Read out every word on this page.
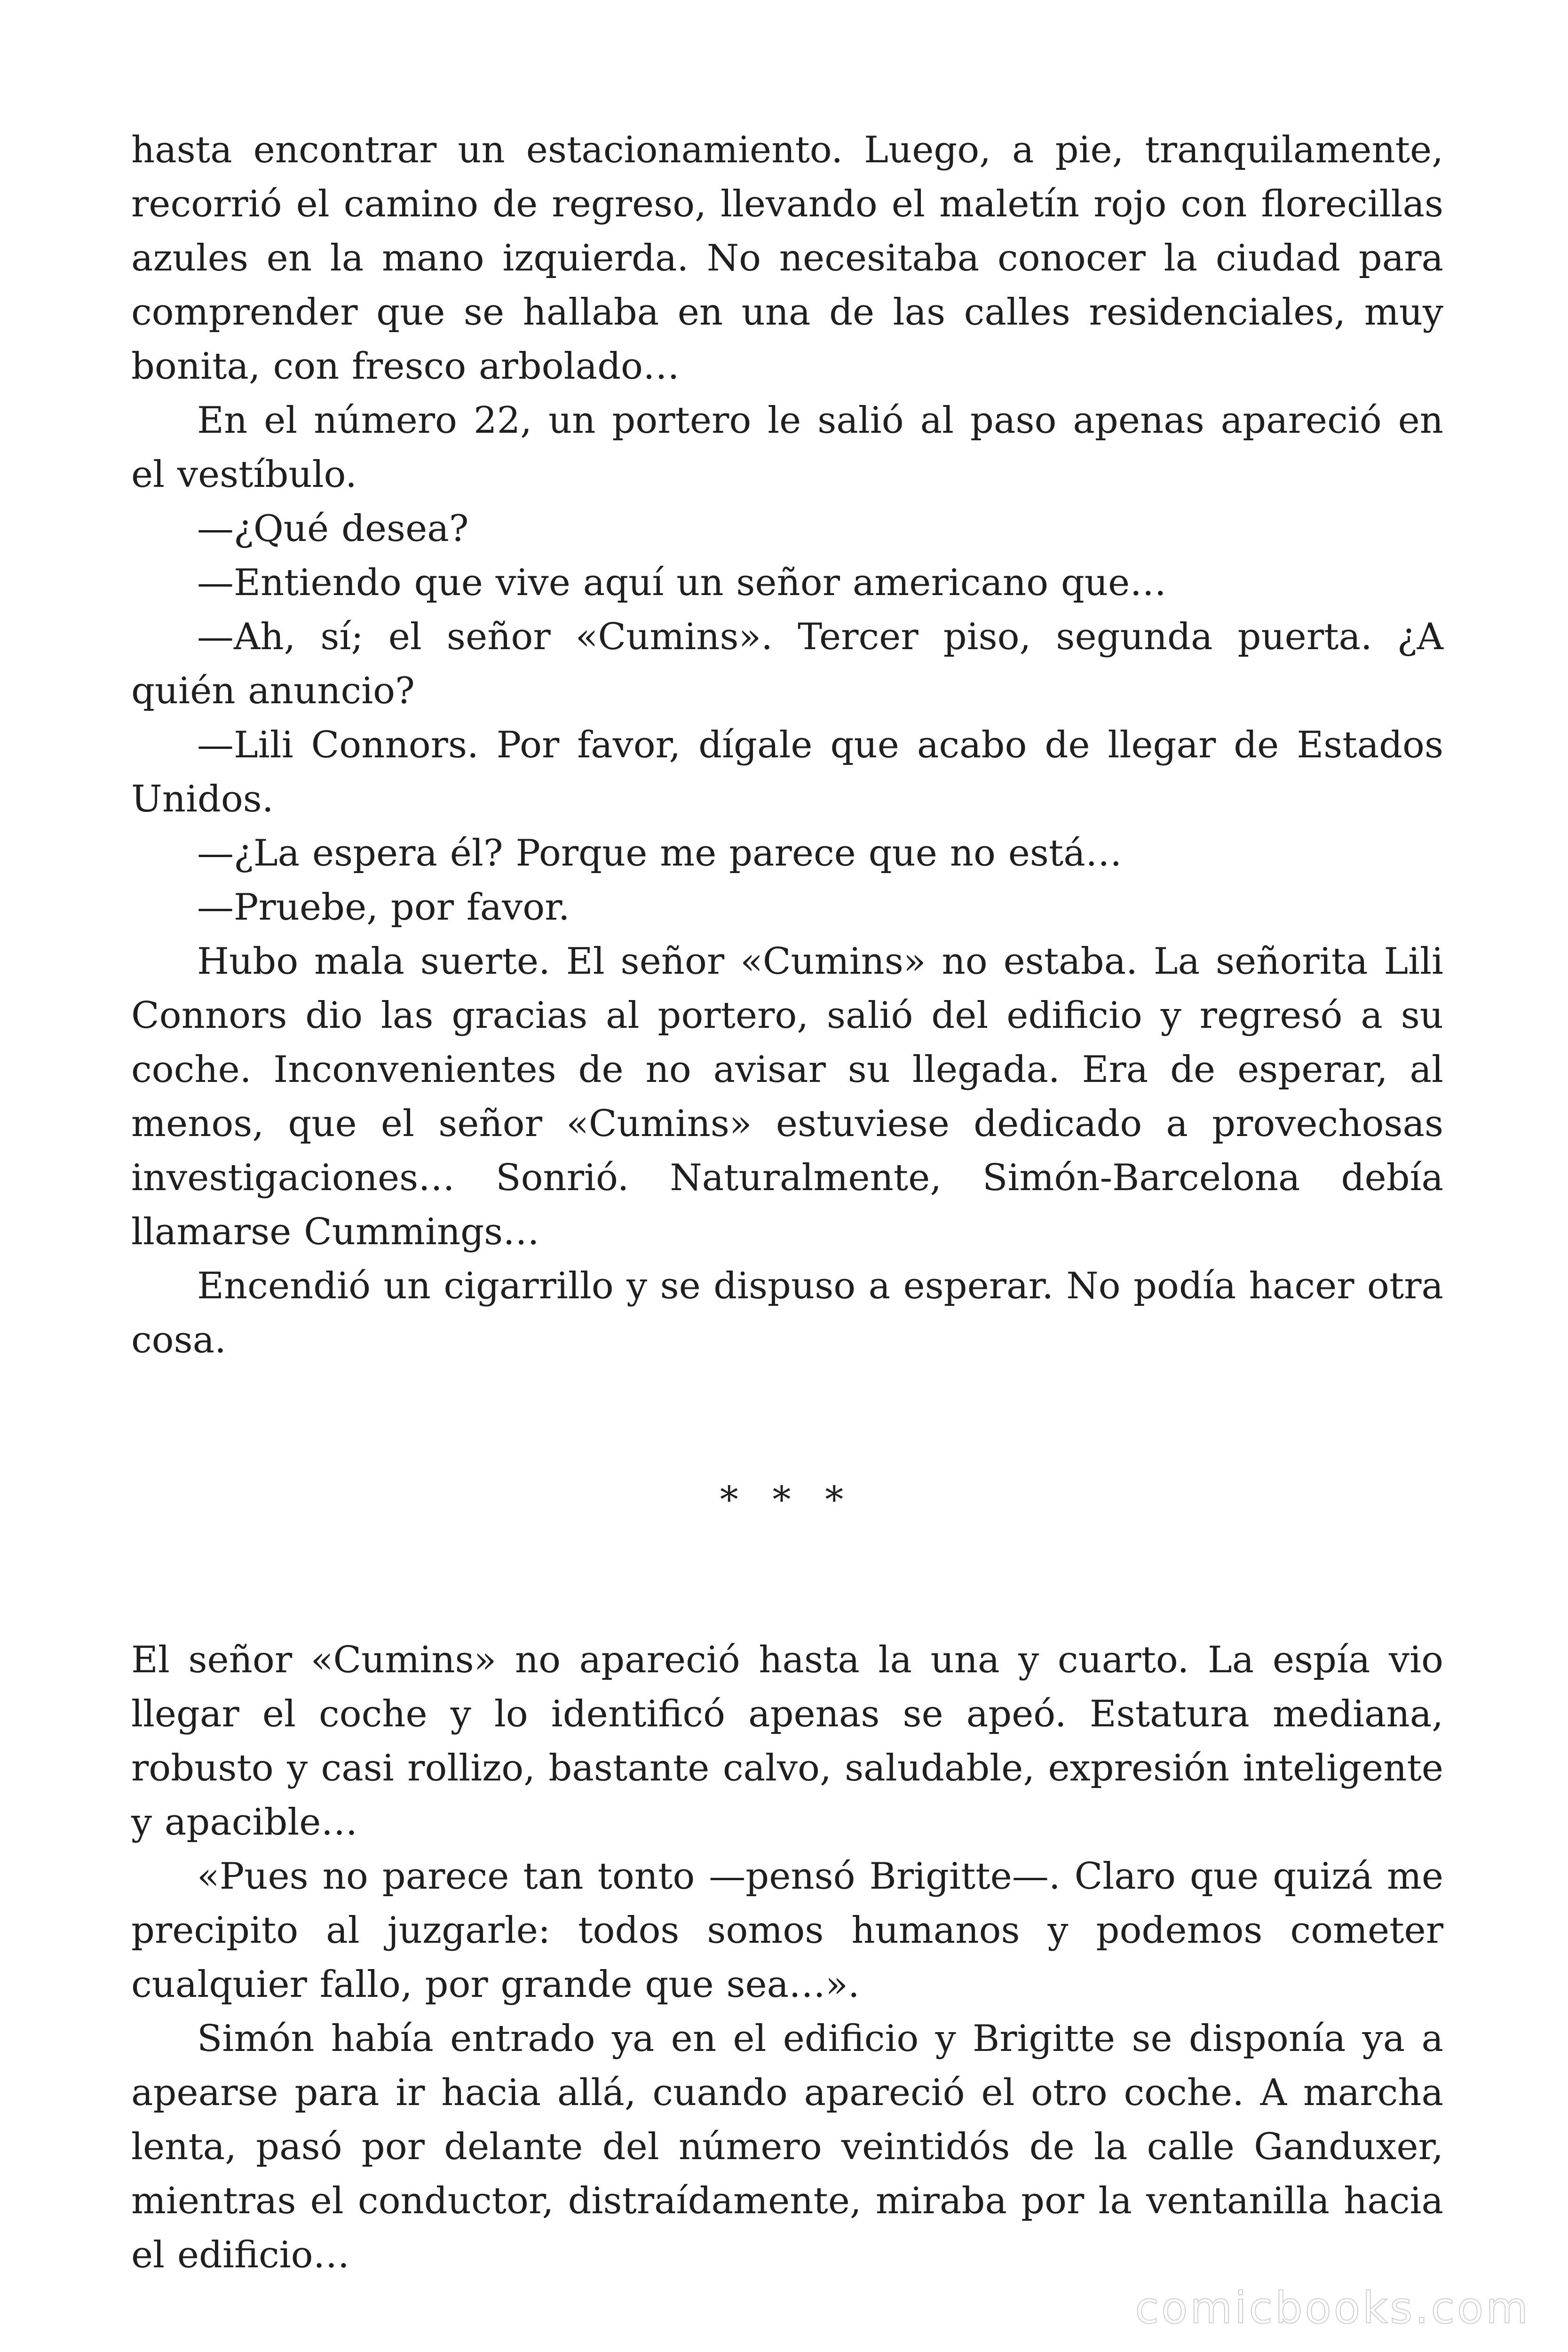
hasta encontrar un estacionamiento. Luego, a pie, tranquilamente, recorrió el camino de regreso, llevando el maletín rojo con florecillas azules en la mano izquierda. No necesitaba conocer la ciudad para comprender que se hallaba en una de las calles residenciales, muy bonita, con fresco arbolado…

En el número 22, un portero le salió al paso apenas apareció en el vestíbulo.

—¿Qué desea?

—Entiendo que vive aquí un señor americano que…

—Ah, sí; el señor «Cumins». Tercer piso, segunda puerta. ¿A quién anuncio?

—Lili Connors. Por favor, dígale que acabo de llegar de Estados Unidos.

—¿La espera él? Porque me parece que no está…

—Pruebe, por favor.

Hubo mala suerte. El señor «Cumins» no estaba. La señorita Lili Connors dio las gracias al portero, salió del edificio y regresó a su coche. Inconvenientes de no avisar su llegada. Era de esperar, al menos, que el señor «Cumins» estuviese dedicado a provechosas investigaciones… Sonrió. Naturalmente, Simón-Barcelona debía llamarse Cummings…

Encendió un cigarrillo y se dispuso a esperar. No podía hacer otra cosa.

* * *

El señor «Cumins» no apareció hasta la una y cuarto. La espía vio llegar el coche y lo identificó apenas se apeó. Estatura mediana, robusto y casi rollizo, bastante calvo, saludable, expresión inteligente y apacible…

«Pues no parece tan tonto —pensó Brigitte—. Claro que quizá me precipito al juzgarle: todos somos humanos y podemos cometer cualquier fallo, por grande que sea…».

Simón había entrado ya en el edificio y Brigitte se disponía ya a apearse para ir hacia allá, cuando apareció el otro coche. A marcha lenta, pasó por delante del número veintidós de la calle Ganduxer, mientras el conductor, distraídamente, miraba por la ventanilla hacia el edificio…

comicbooks.com
